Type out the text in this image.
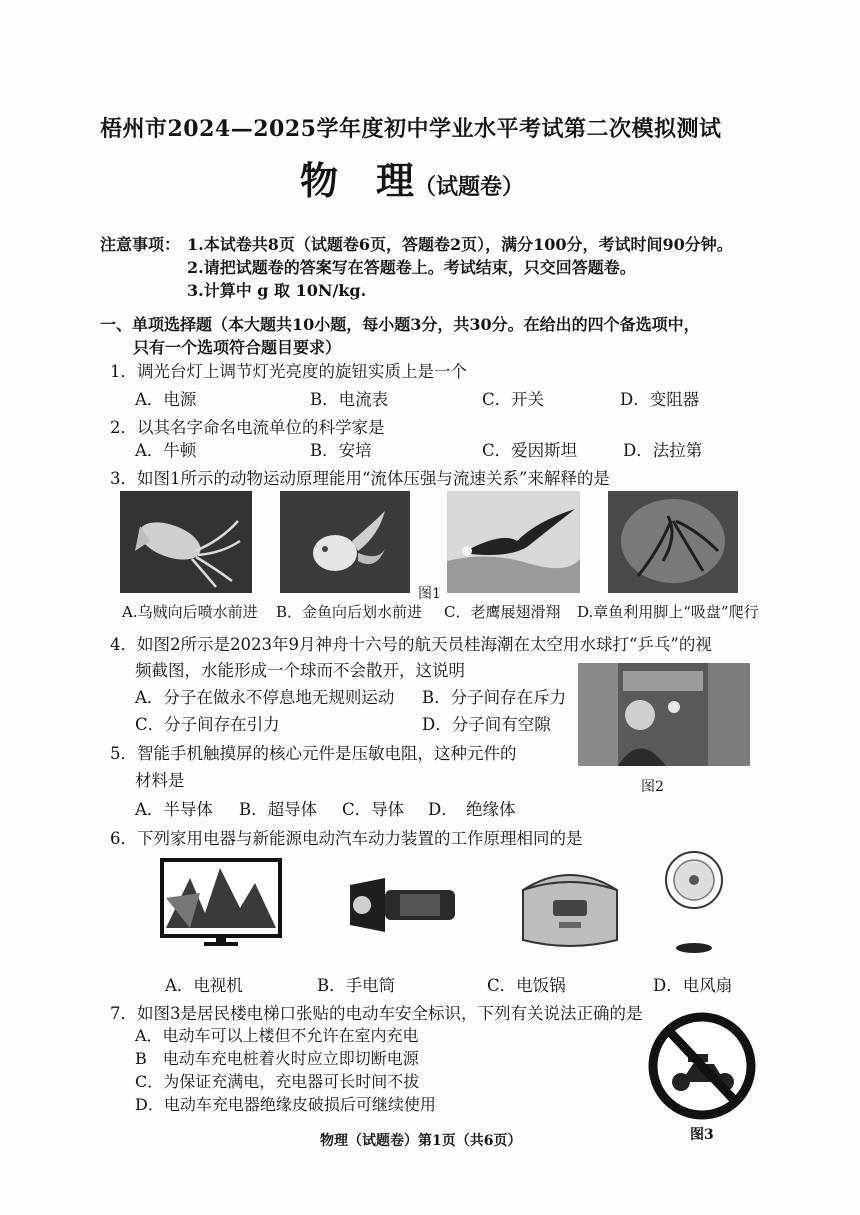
梧州市2024—2025学年度初中学业水平考试第二次模拟测试
物　理（试题卷）
注意事项： 1.本试卷共8页（试题卷6页，答题卷2页），满分100分，考试时间90分钟。
2.请把试题卷的答案写在答题卷上。考试结束，只交回答题卷。
3.计算中 g 取 10N/kg.
一、单项选择题（本大题共10小题，每小题3分，共30分。在给出的四个备选项中，
只有一个选项符合题目要求）
1．调光台灯上调节灯光亮度的旋钮实质上是一个
A．电源	B．电流表	C．开关	D．变阻器
2．以其名字命名电流单位的科学家是
A．牛顿	B．安培	C．爱因斯坦	D．法拉第
3．如图1所示的动物运动原理能用“流体压强与流速关系”来解释的是
图1
A.乌贼向后喷水前进 B．金鱼向后划水前进 C．老鹰展翅滑翔 D.章鱼利用脚上“吸盘”爬行
4．如图2所示是2023年9月神舟十六号的航天员桂海潮在太空用水球打“乒乓”的视
频截图，水能形成一个球而不会散开，这说明
A．分子在做永不停息地无规则运动 B．分子间存在斥力
C．分子间存在引力	D．分子间有空隙
图2
5．智能手机触摸屏的核心元件是压敏电阻，这种元件的
材料是
A．半导体 B．超导体 C．导体 D．　绝缘体
6．下列家用电器与新能源电动汽车动力装置的工作原理相同的是
A．电视机	B．手电筒	C．电饭锅	D．电风扇
7．如图3是居民楼电梯口张贴的电动车安全标识，下列有关说法正确的是
A．电动车可以上楼但不允许在室内充电
B　电动车充电桩着火时应立即切断电源
C．为保证充满电，充电器可长时间不拔
D．电动车充电器绝缘皮破损后可继续使用
图3
物理（试题卷）第1页（共6页）
